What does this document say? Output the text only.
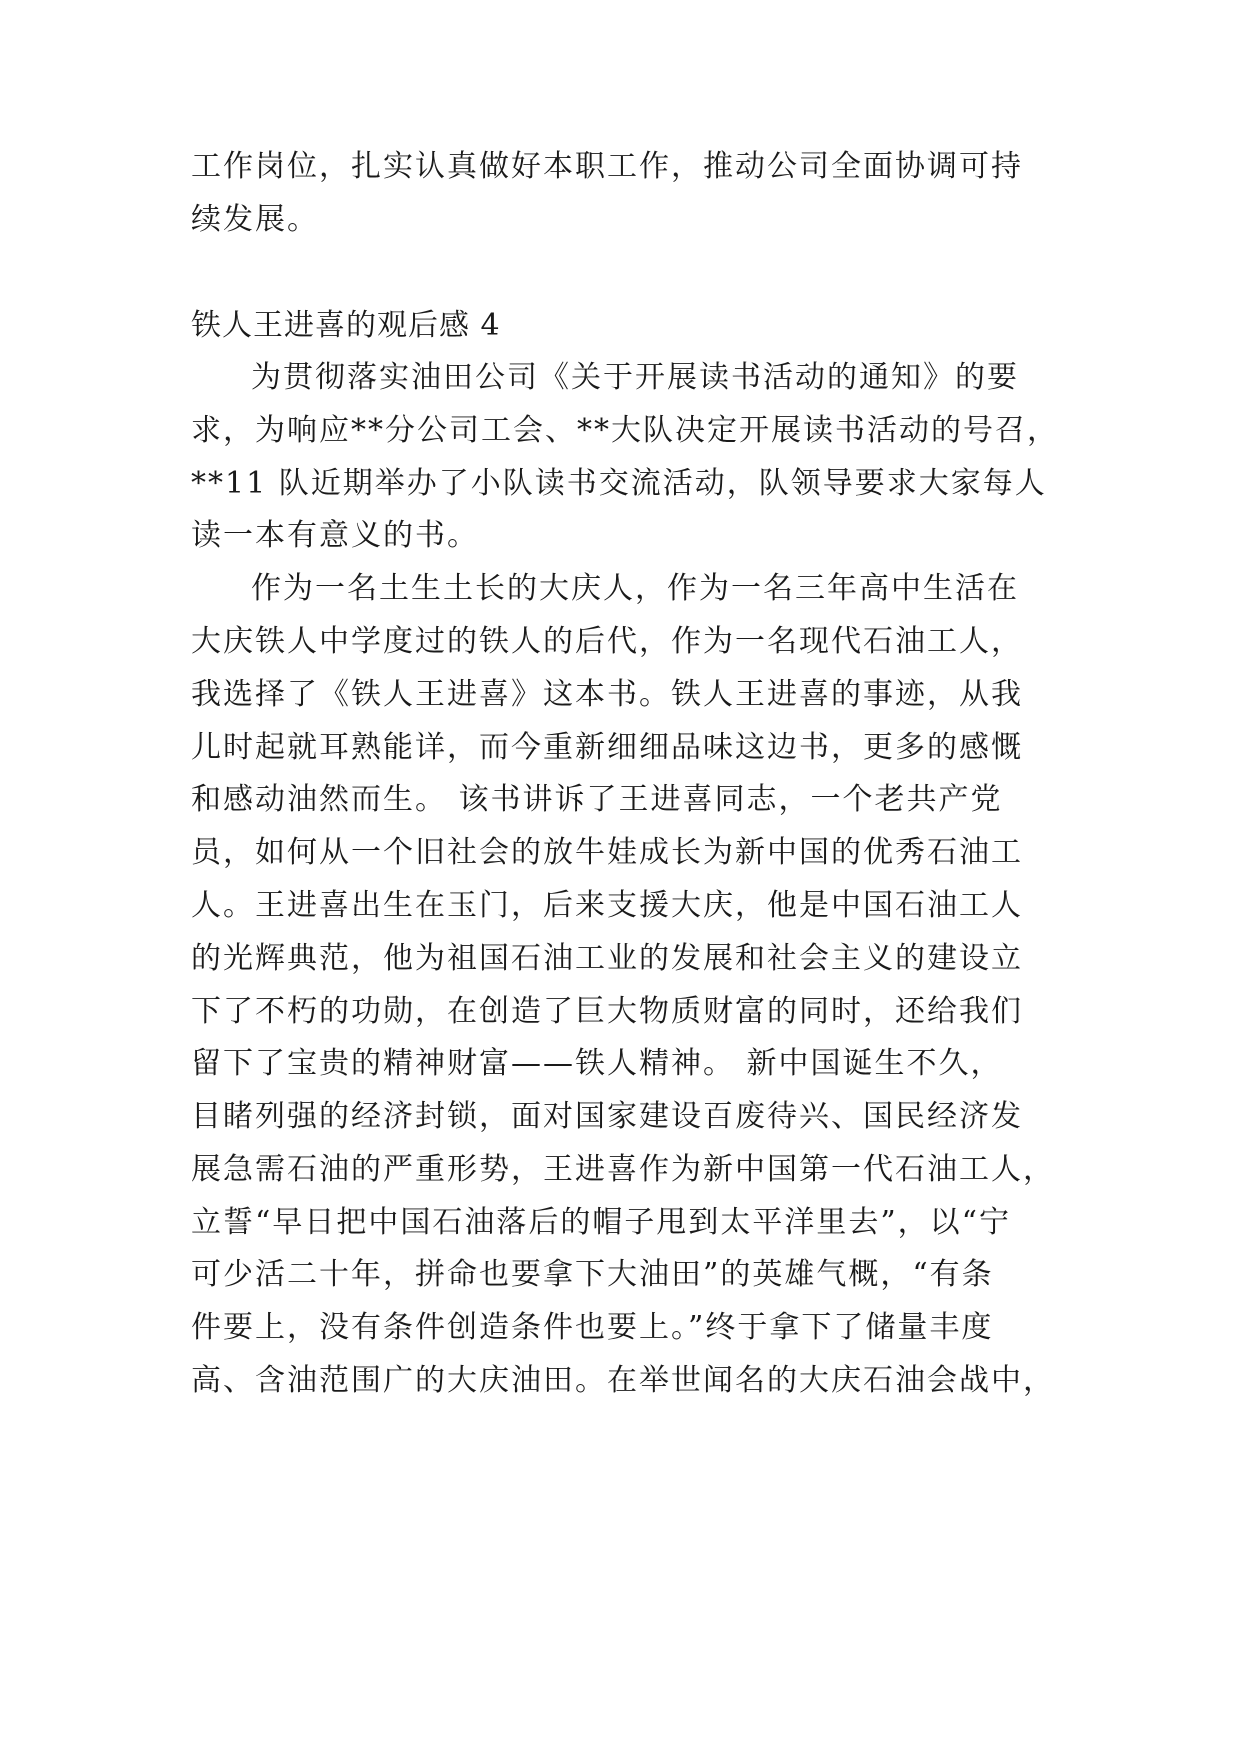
工作岗位，扎实认真做好本职工作，推动公司全面协调可持
续发展。
铁人王进喜的观后感 4
为贯彻落实油田公司《关于开展读书活动的通知》的要
求，为响应**分公司工会、**大队决定开展读书活动的号召，
**11 队近期举办了小队读书交流活动，队领导要求大家每人
读一本有意义的书。
作为一名土生土长的大庆人，作为一名三年高中生活在
大庆铁人中学度过的铁人的后代，作为一名现代石油工人，
我选择了《铁人王进喜》这本书。铁人王进喜的事迹，从我
儿时起就耳熟能详，而今重新细细品味这边书，更多的感慨
和感动油然而生。 该书讲诉了王进喜同志，一个老共产党
员，如何从一个旧社会的放牛娃成长为新中国的优秀石油工
人。王进喜出生在玉门，后来支援大庆，他是中国石油工人
的光辉典范，他为祖国石油工业的发展和社会主义的建设立
下了不朽的功勋，在创造了巨大物质财富的同时，还给我们
留下了宝贵的精神财富——铁人精神。 新中国诞生不久，
目睹列强的经济封锁，面对国家建设百废待兴、国民经济发
展急需石油的严重形势，王进喜作为新中国第一代石油工人，
立誓“早日把中国石油落后的帽子甩到太平洋里去”，以“宁
可少活二十年，拼命也要拿下大油田”的英雄气概，“有条
件要上，没有条件创造条件也要上。”终于拿下了储量丰度
高、含油范围广的大庆油田。在举世闻名的大庆石油会战中，
